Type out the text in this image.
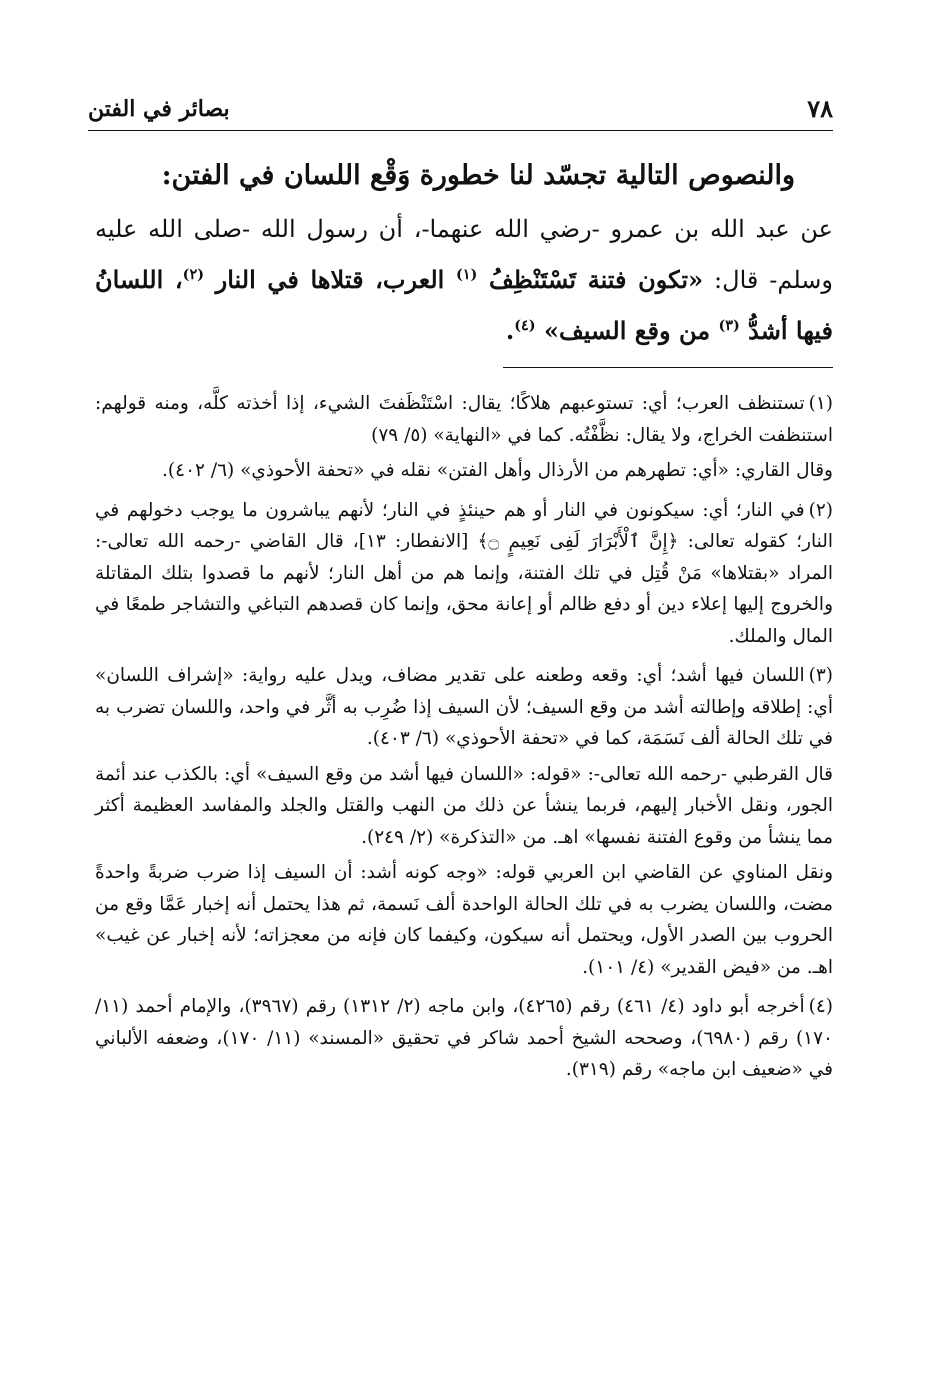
٧٨
بصائر في الفتن

والنصوص التالية تجسّد لنا خطورة وَقْع اللسان في الفتن:

عن عبد الله بن عمرو -رضي الله عنهما-، أن رسول الله -صلى الله عليه وسلم- قال: «تكون فتنة تَسْتَنْظِفُ $^{(١)}$ العرب، قتلاها في النار $^{(٢)}$، اللسانُ فيها أشدُّ $^{(٣)}$ من وقع السيف» $^{(٤)}$.

(١)تستنظف العرب؛ أي: تستوعبهم هلاكًا؛ يقال: اسْتَنْظَفتَ الشيء، إذا أخذته كلَّه، ومنه قولهم: استنظفت الخراج، ولا يقال: نظَّفْتُه. كما في «النهاية» (٥/ ٧٩)

وقال القاري: «أي: تطهرهم من الأرذال وأهل الفتن» نقله في «تحفة الأحوذي» (٦/ ٤٠٢).

(٢)في النار؛ أي: سيكونون في النار أو هم حينئذٍ في النار؛ لأنهم يباشرون ما يوجب دخولهم في النار؛ كقوله تعالى: ﴿إِنَّ ٱلْأَبْرَارَ لَفِى نَعِيمٍ ۝﴾ [الانفطار: ١٣]، قال القاضي -رحمه الله تعالى-: المراد «بقتلاها» مَنْ قُتِل في تلك الفتنة، وإنما هم من أهل النار؛ لأنهم ما قصدوا بتلك المقاتلة والخروج إليها إعلاء دين أو دفع ظالم أو إعانة محق، وإنما كان قصدهم التباغي والتشاجر طمعًا في المال والملك.

(٣)اللسان فيها أشد؛ أي: وقعه وطعنه على تقدير مضاف، ويدل عليه رواية: «إشراف اللسان» أي: إطلاقه وإطالته أشد من وقع السيف؛ لأن السيف إذا ضُرِب به أثَّر في واحد، واللسان تضرب به في تلك الحالة ألف نَسَمَة، كما في «تحفة الأحوذي» (٦/ ٤٠٣).

قال القرطبي -رحمه الله تعالى-: «قوله: «اللسان فيها أشد من وقع السيف» أي: بالكذب عند أئمة الجور، ونقل الأخبار إليهم، فربما ينشأ عن ذلك من النهب والقتل والجلد والمفاسد العظيمة أكثر مما ينشأ من وقوع الفتنة نفسها» اهـ. من «التذكرة» (٢/ ٢٤٩).

ونقل المناوي عن القاضي ابن العربي قوله: «وجه كونه أشد: أن السيف إذا ضرب ضربةً واحدةً مضت، واللسان يضرب به في تلك الحالة الواحدة ألف نَسمة، ثم هذا يحتمل أنه إخبار عَمَّا وقع من الحروب بين الصدر الأول، ويحتمل أنه سيكون، وكيفما كان فإنه من معجزاته؛ لأنه إخبار عن غيب» اهـ. من «فيض القدير» (٤/ ١٠١).

(٤)أخرجه أبو داود (٤/ ٤٦١) رقم (٤٢٦٥)، وابن ماجه (٢/ ١٣١٢) رقم (٣٩٦٧)، والإمام أحمد (١١/ ١٧٠) رقم (٦٩٨٠)، وصححه الشيخ أحمد شاكر في تحقيق «المسند» (١١/ ١٧٠)، وضعفه الألباني في «ضعيف ابن ماجه» رقم (٣١٩).
